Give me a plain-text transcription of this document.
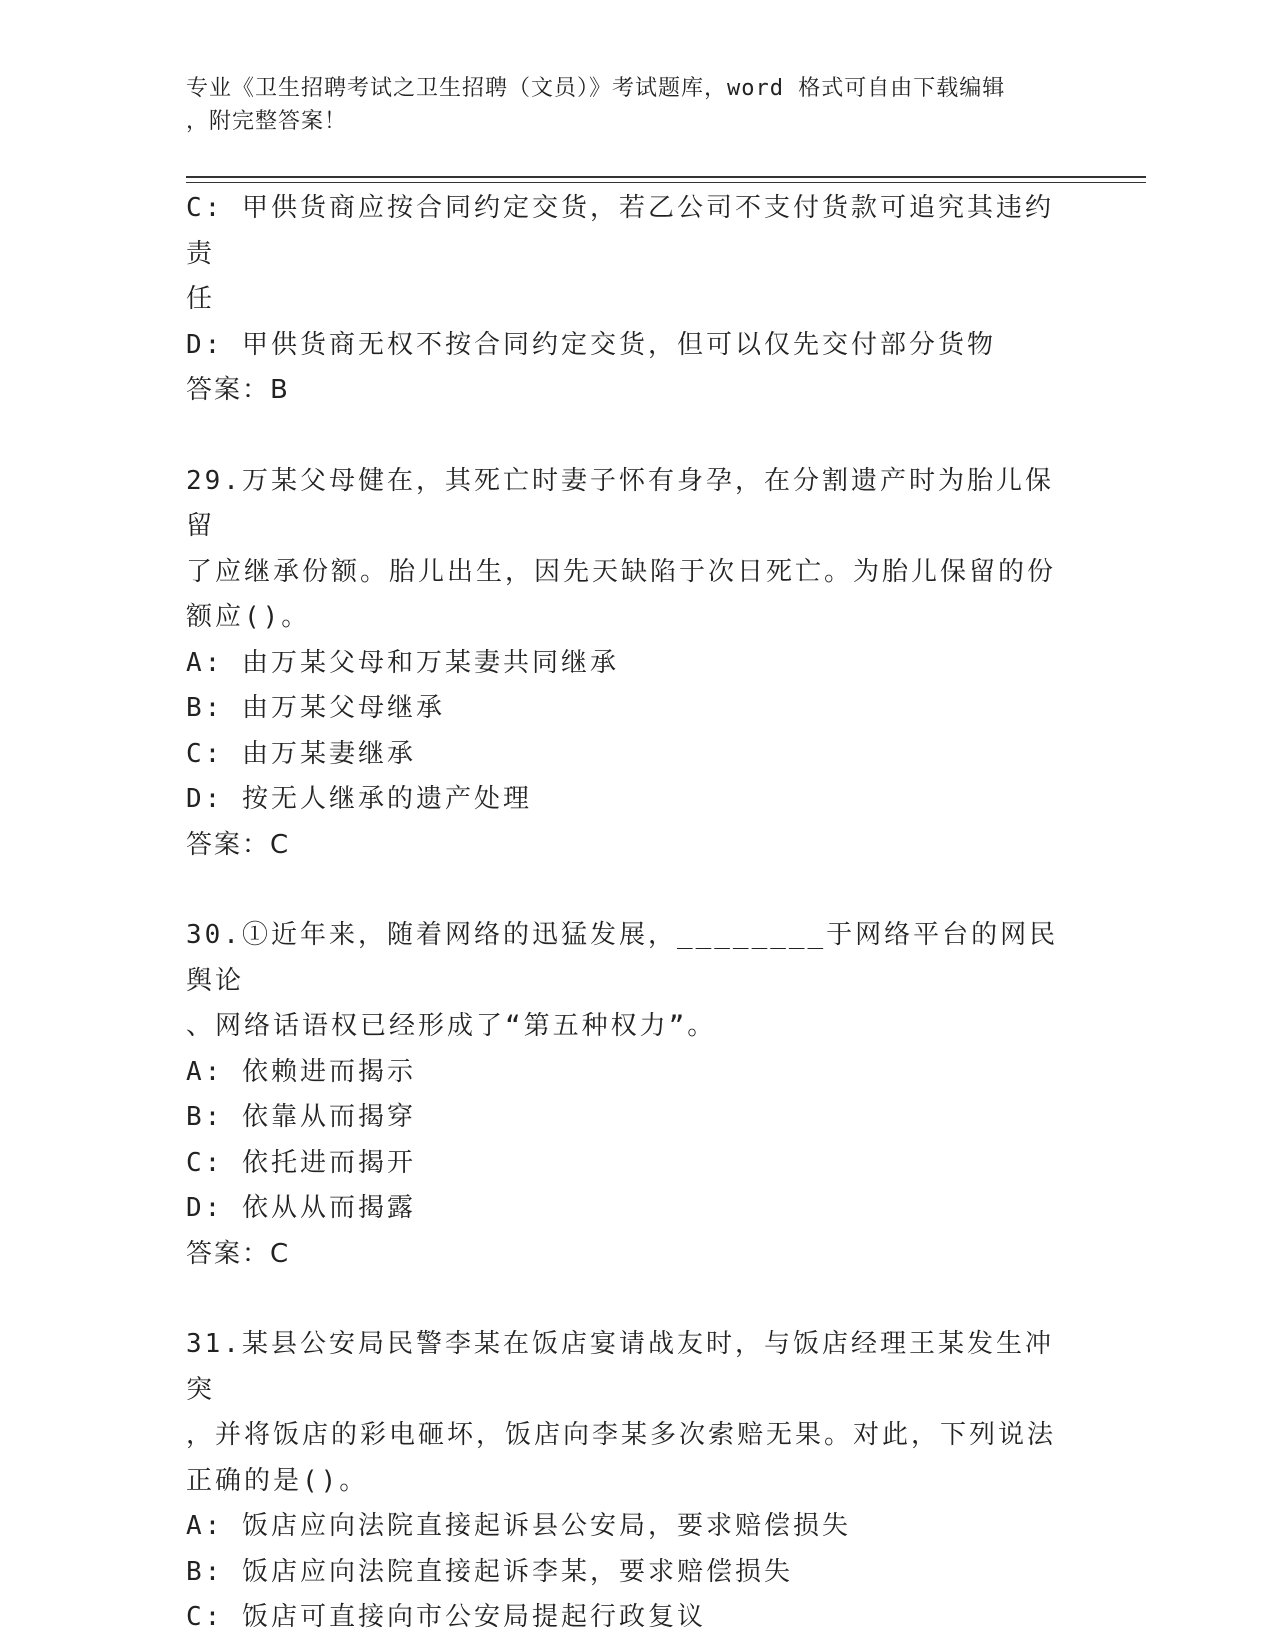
专业《卫生招聘考试之卫生招聘（文员）》考试题库，word 格式可自由下载编辑
，附完整答案！

C: 甲供货商应按合同约定交货，若乙公司不支付货款可追究其违约责

任

D: 甲供货商无权不按合同约定交货，但可以仅先交付部分货物

答案：B

29.万某父母健在，其死亡时妻子怀有身孕，在分割遗产时为胎儿保留

了应继承份额。胎儿出生，因先天缺陷于次日死亡。为胎儿保留的份

额应()。

A: 由万某父母和万某妻共同继承

B: 由万某父母继承

C: 由万某妻继承

D: 按无人继承的遗产处理

答案：C

30.①近年来，随着网络的迅猛发展，________于网络平台的网民舆论

、网络话语权已经形成了“第五种权力”。

A: 依赖进而揭示

B: 依靠从而揭穿

C: 依托进而揭开

D: 依从从而揭露

答案：C

31.某县公安局民警李某在饭店宴请战友时，与饭店经理王某发生冲突

，并将饭店的彩电砸坏，饭店向李某多次索赔无果。对此，下列说法

正确的是()。

A: 饭店应向法院直接起诉县公安局，要求赔偿损失

B: 饭店应向法院直接起诉李某，要求赔偿损失

C: 饭店可直接向市公安局提起行政复议
